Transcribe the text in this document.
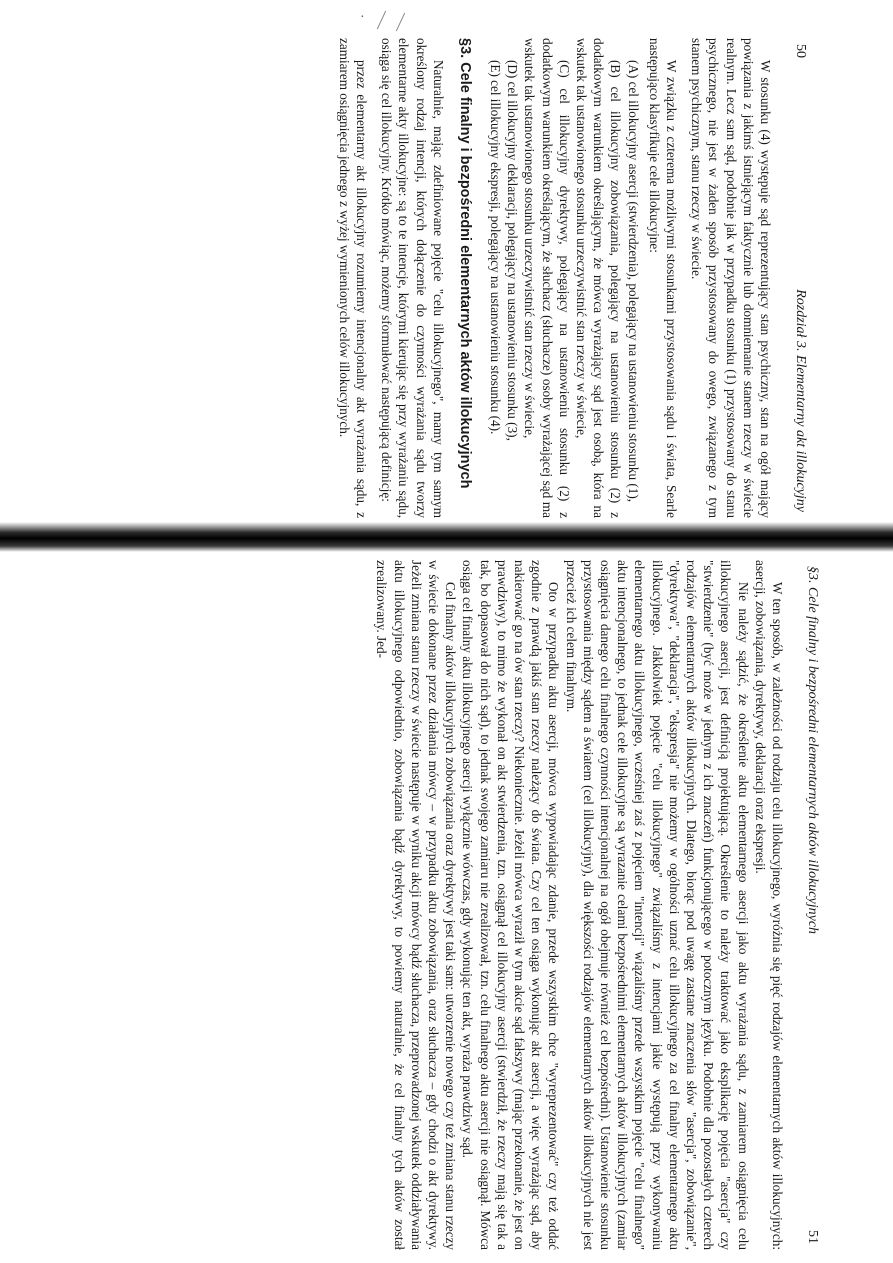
·
50
Rozdział 3. Elementarny akt illokucyjny

W stosunku (4) występuje sąd reprezentujący stan psychiczny, stan na ogół mający powiązania z jakimś istniejącym faktycznie lub domniemanie stanem rzeczy w świecie realnym. Lecz sam sąd, podobnie jak w przypadku stosunku (1) przystosowany do stanu psychicznego, nie jest w żaden sposób przystosowany do owego, związanego z tym stanem psychicznym, stanu rzeczy w świecie.

W związku z czterema możliwymi stosunkami przystosowania sądu i świata, Searle następująco klasyfikuje cele illokucyjne:

(A) cel illokucyjny asercji (stwierdzenia), polegający na ustanowieniu stosunku (1),

(B) cel illokucyjny zobowiązania, polegający na ustanowieniu stosunku (2) z dodatkowym warunkiem określającym, że mówca wyrażający sąd jest osobą, która na wskutek tak ustanowionego stosunku urzeczywistnić stan rzeczy w świecie,

(C) cel illokucyjny dyrektywy, polegający na ustanowieniu stosunku (2) z dodatkowym warunkiem określającym, że słuchacz (słuchacze) osoby wyrażającej sąd ma wskutek tak ustanowionego stosunku urzeczywistnić stan rzeczy w świecie,

(D) cel illokucyjny deklaracji, polegający na ustanowieniu stosunku (3),

(E) cel illokucyjny ekspresji, polegający na ustanowieniu stosunku (4).

§3. Cele finalny i bezpośredni elementarnych aktów illokucyjnych

Naturalnie, mając zdefiniowane pojęcie "celu illokucyjnego", mamy tym samym określony rodzaj intencji, których dołączenie do czynności wyrażania sądu tworzy elementarne akty illokucyjne: są to te intencje, którymi kierując się przy wyrażaniu sądu, osiąga się cel illokucyjny. Krótko mówiąc, możemy sformułować następującą definicję:

przez elementarny akt illokucyjny rozumiemy intencjonalny akt wyrażania sądu, z zamiarem osiągnięcia jednego z wyżej wymienionych celów illokucyjnych.

§3. Cele finalny i bezpośredni elementarnych aktów illokucyjnych
51

W ten sposób, w zależności od rodzaju celu illokucyjnego, wyróżnia się pięć rodzajów elementarnych aktów illokucyjnych: asercji, zobowiązania, dyrektywy, deklaracji oraz ekspresji.

Nie należy sądzić, że określenie aktu elementarnego asercji jako aktu wyrażania sądu, z zamiarem osiągnięcia celu illokucyjnego asercji, jest definicją projektującą. Określenie to należy traktować jako eksplikację pojęcia "asercja" czy "stwierdzenie" (być może w jednym z ich znaczeń) funkcjonującego w potocznym języku. Podobnie dla pozostałych czterech rodzajów elementarnych aktów illokucyjnych. Dlatego, biorąc pod uwagę zastane znaczenia słów "asercja", zobowiązanie", "dyrektywa", "deklaracja", "ekspresja" nie możemy w ogólności uznać celu illokucyjnego za cel finalny elementarnego aktu illokucyjnego. Jakkolwiek pojęcie "celu illokucyjnego" związaliśmy z intencjami jakie występują przy wykonywaniu elementarnego aktu illokucyjnego, wcześniej zaś z pojęciem "intencji" wiązaliśmy przede wszystkim pojęcie "celu finalnego" aktu intencjonalnego, to jednak cele illokucyjne są wyrazanie celami bezpośrednimi elementarnych aktów illokucyjnych (zamiar osiągnięcia danego celu finalnego czynności intencjonalnej na ogół obejmuje również cel bezpośredni). Ustanowienie stosunku przystosowania między sądem a światem (cel illokucyjny), dla większości rodzajów elementarnych aktów illokucyjnych nie jest przecież ich celem finalnym.

Oto w przypadku aktu asercji, mówca wypowiadając zdanie, przede wszystkim chce "wyreprezentować" czy też oddać zgodnie z prawdą jakiś stan rzeczy należący do świata. Czy cel ten osiąga wykonując akt asercji, a więc wyrażając sąd, aby nakierować go na ów stan rzeczy? Niekoniecznie. Jeżeli mówca wyraził w tym akcie sąd fałszywy (mając przekonanie, że jest on prawdziwy), to mimo że wykonał on akt stwierdzenia, tzn. osiągnął cel illokucyjny asercji (stwierdził, że rzeczy mają się tak a tak, bo dopasował do nich sąd), to jednak swojego zamiaru nie zrealizował, tzn. celu finalnego aktu asercji nie osiągnął. Mówca osiąga cel finalny aktu illokucyjnego asercji wyłącznie wówczas, gdy wykonując ten akt, wyraża prawdziwy sąd.

Cel finalny aktów illokucyjnych zobowiązania oraz dyrektywy jest taki sam: utworzenie nowego czy też zmiana stanu rzeczy w świecie dokonane przez działania mówcy – w przypadku aktu zobowiązania, oraz słuchacza – gdy chodzi o akt dyrektywy. Jeżeli zmiana stanu rzeczy w świecie następuje w wyniku akcji mówcy bądź słuchacza, przeprowadzonej wskutek oddziaływania aktu illokucyjnego odpowiednio, zobowiązania bądź dyrektywy, to powiemy naturalnie, że cel finalny tych aktów został zrealizowany. Jed-
